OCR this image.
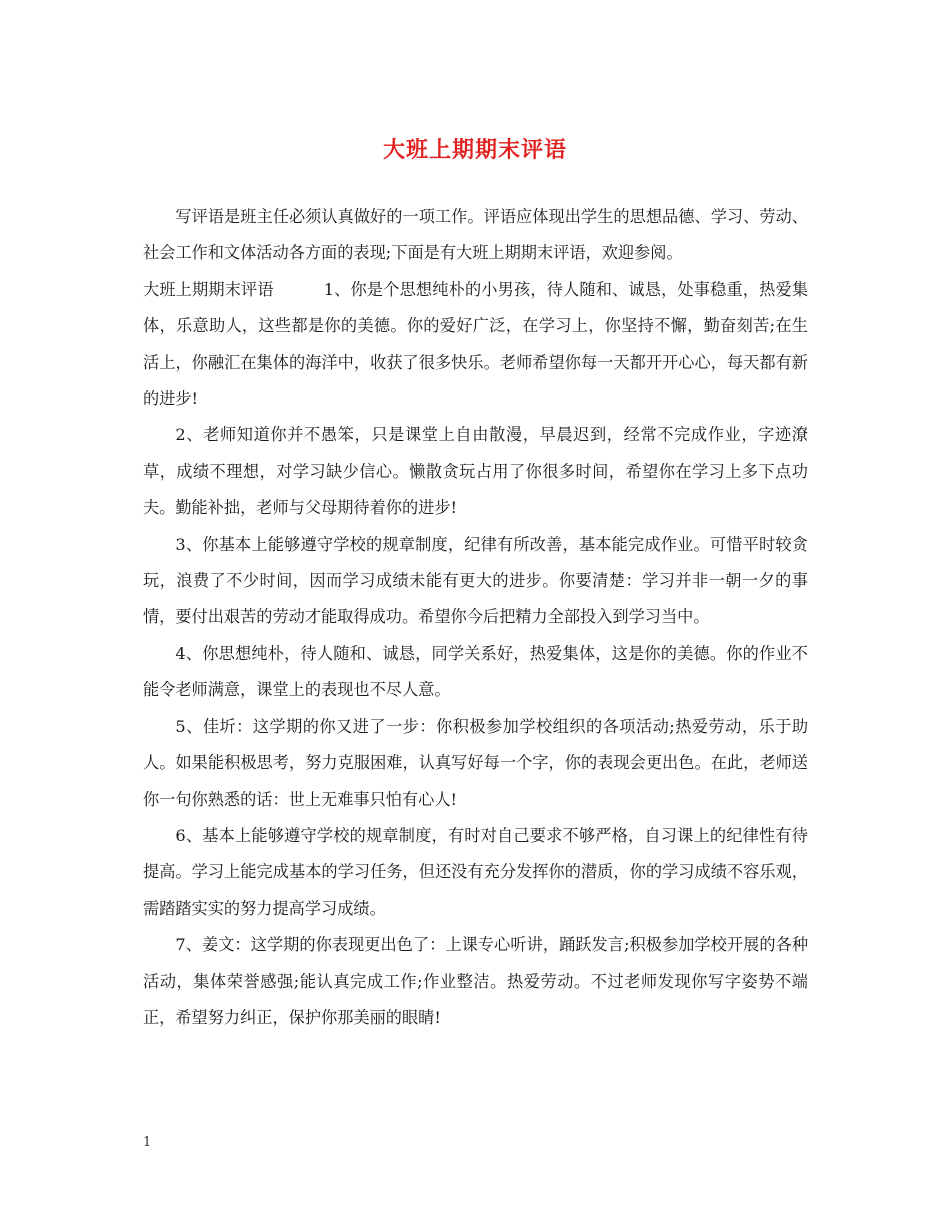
大班上期期末评语

写评语是班主任必须认真做好的一项工作。评语应体现出学生的思想品德、学习、劳动、社会工作和文体活动各方面的表现;下面是有大班上期期末评语，欢迎参阅。

大班上期期末评语	1、你是个思想纯朴的小男孩，待人随和、诚恳，处事稳重，热爱集体，乐意助人，这些都是你的美德。你的爱好广泛，在学习上，你坚持不懈，勤奋刻苦;在生活上，你融汇在集体的海洋中，收获了很多快乐。老师希望你每一天都开开心心，每天都有新的进步!

2、老师知道你并不愚笨，只是课堂上自由散漫，早晨迟到，经常不完成作业，字迹潦草，成绩不理想，对学习缺少信心。懒散贪玩占用了你很多时间，希望你在学习上多下点功夫。勤能补拙，老师与父母期待着你的进步!

3、你基本上能够遵守学校的规章制度，纪律有所改善，基本能完成作业。可惜平时较贪玩，浪费了不少时间，因而学习成绩未能有更大的进步。你要清楚：学习并非一朝一夕的事情，要付出艰苦的劳动才能取得成功。希望你今后把精力全部投入到学习当中。

4、你思想纯朴，待人随和、诚恳，同学关系好，热爱集体，这是你的美德。你的作业不能令老师满意，课堂上的表现也不尽人意。

5、佳圻：这学期的你又进了一步：你积极参加学校组织的各项活动;热爱劳动，乐于助人。如果能积极思考，努力克服困难，认真写好每一个字，你的表现会更出色。在此，老师送你一句你熟悉的话：世上无难事只怕有心人!

6、基本上能够遵守学校的规章制度，有时对自己要求不够严格，自习课上的纪律性有待提高。学习上能完成基本的学习任务，但还没有充分发挥你的潜质，你的学习成绩不容乐观，需踏踏实实的努力提高学习成绩。

7、姜文：这学期的你表现更出色了：上课专心听讲，踊跃发言;积极参加学校开展的各种活动，集体荣誉感强;能认真完成工作;作业整洁。热爱劳动。不过老师发现你写字姿势不端正，希望努力纠正，保护你那美丽的眼睛!

1
